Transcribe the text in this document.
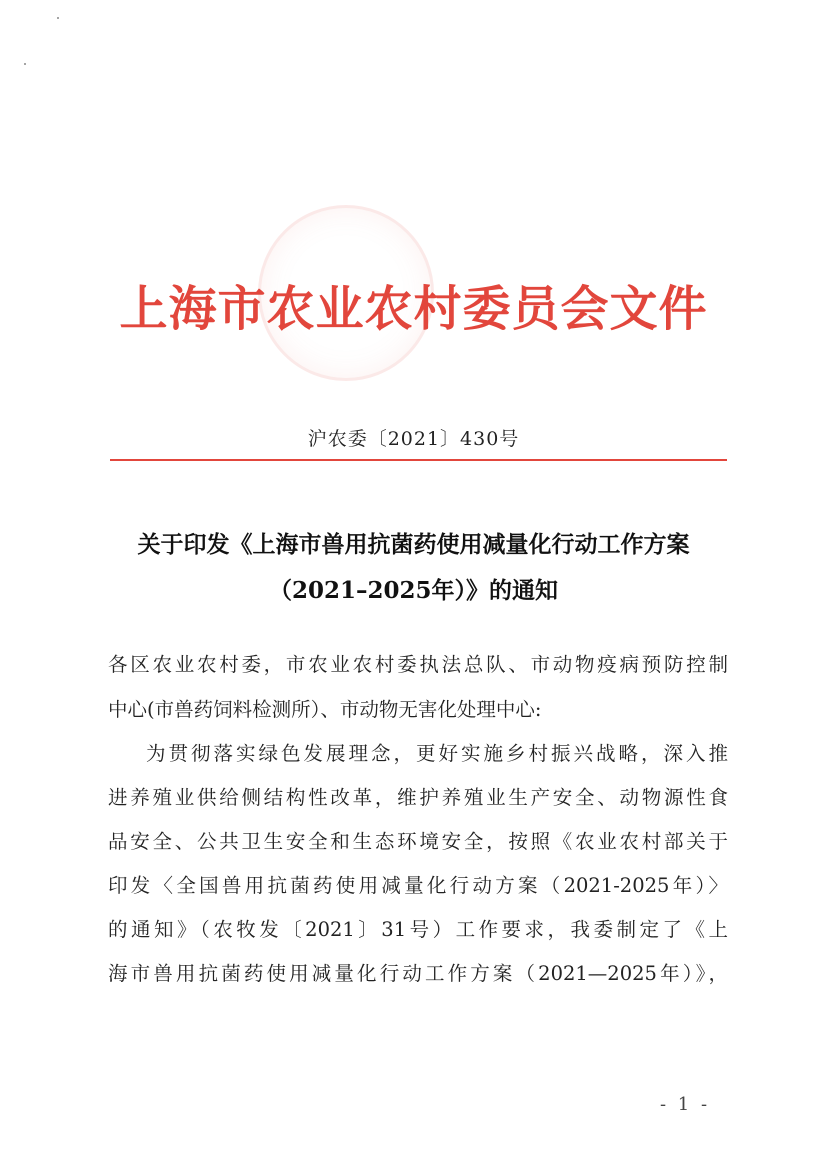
上海市农业农村委员会文件
沪农委〔2021〕430号
关于印发《上海市兽用抗菌药使用减量化行动工作方案
（2021–2025年）》的通知
各区农业农村委，市农业农村委执法总队、市动物疫病预防控制
中心(市兽药饲料检测所）、市动物无害化处理中心:
为贯彻落实绿色发展理念，更好实施乡村振兴战略，深入推
进养殖业供给侧结构性改革，维护养殖业生产安全、动物源性食
品安全、公共卫生安全和生态环境安全，按照《农业农村部关于
印发〈全国兽用抗菌药使用减量化行动方案（2021-2025年）〉
的通知》（农牧发〔2021〕31号）工作要求，我委制定了《上
海市兽用抗菌药使用减量化行动工作方案（2021—2025年）》，
- 1 -
